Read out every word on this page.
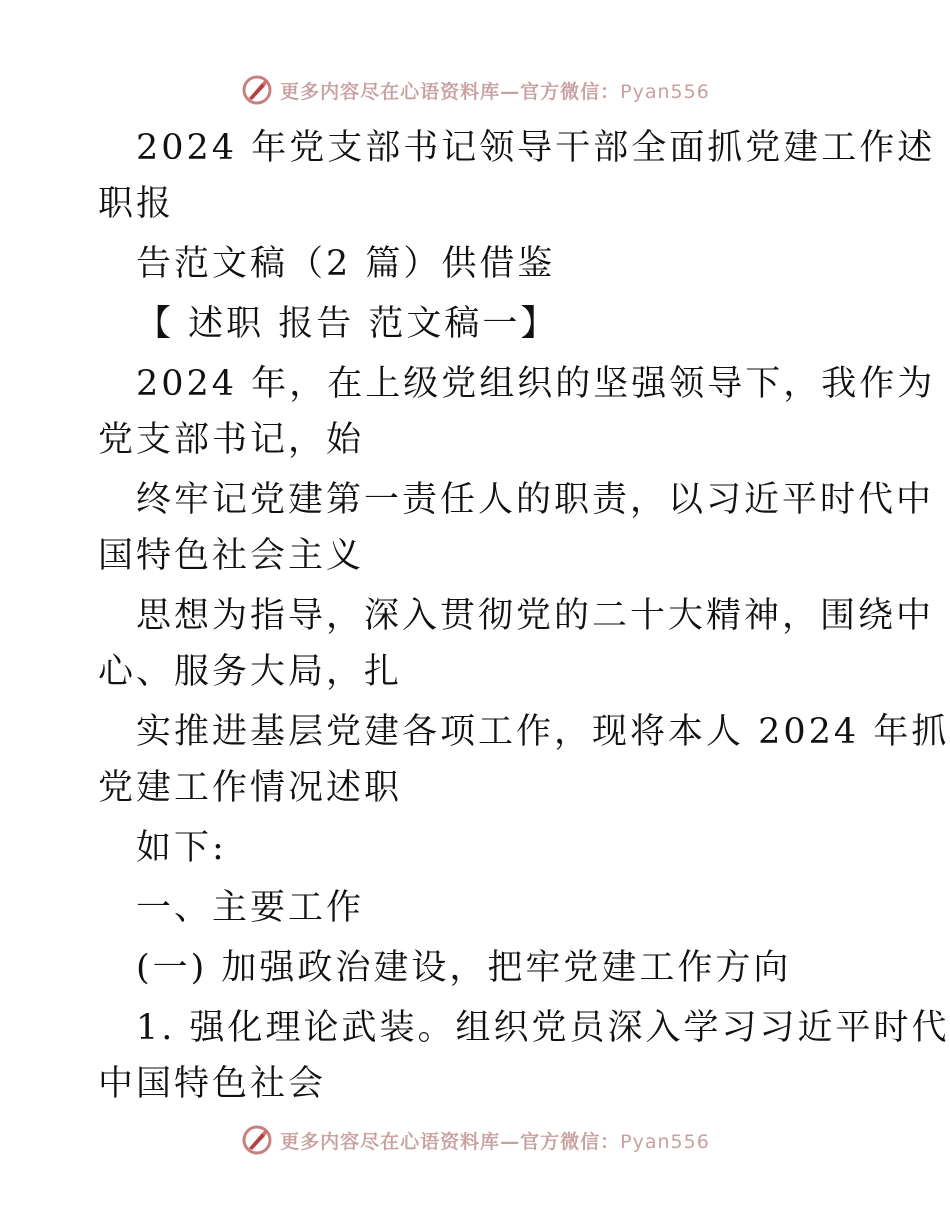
更多内容尽在心语资料库—官方微信：Pyan556
2024 年党支部书记领导干部全面抓党建工作述
职报
告范文稿（2 篇）供借鉴
【 述职 报告 范文稿一】
2024 年，在上级党组织的坚强领导下，我作为
党支部书记，始
终牢记党建第一责任人的职责，以习近平时代中
国特色社会主义
思想为指导，深入贯彻党的二十大精神，围绕中
心、服务大局，扎
实推进基层党建各项工作，现将本人 2024 年抓
党建工作情况述职
如下:
一、主要工作
(一) 加强政治建设，把牢党建工作方向
1. 强化理论武装。组织党员深入学习习近平时代
中国特色社会
更多内容尽在心语资料库—官方微信：Pyan556
